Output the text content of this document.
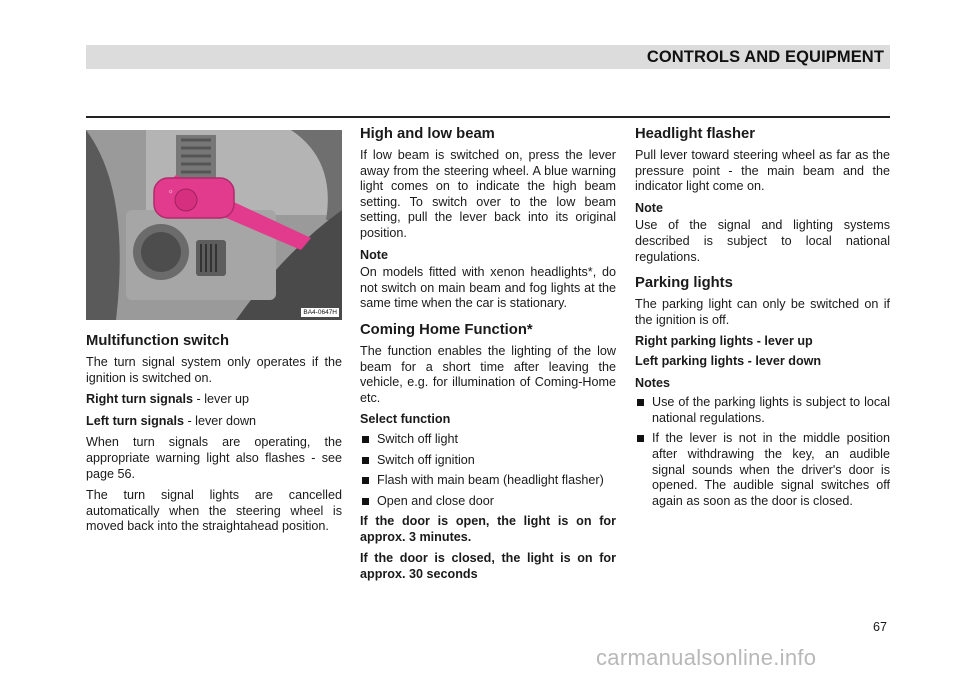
CONTROLS AND EQUIPMENT
☼
BA4-0647H
Multifunction switch

The turn signal system only operates if the ignition is switched on.

Right turn signals - lever up

Left turn signals - lever down

When turn signals are operating, the appropriate warning light also flashes - see page 56.

The turn signal lights are cancelled automatically when the steering wheel is moved back into the straightahead position.

High and low beam

If low beam is switched on, press the lever away from the steering wheel. A blue warning light comes on to indicate the high beam setting. To switch over to the low beam setting, pull the lever back into its original position.

Note

On models fitted with xenon headlights*, do not switch on main beam and fog lights at the same time when the car is stationary.

Coming Home Function*

The function enables the lighting of the low beam for a short time after leaving the vehicle, e.g. for illumination of Coming-Home etc.

Select function

Switch off light
Switch off ignition
Flash with main beam (headlight flasher)
Open and close door

If the door is open, the light is on for approx. 3 minutes.

If the door is closed, the light is on for approx. 30 seconds

Headlight flasher

Pull lever toward steering wheel as far as the pressure point - the main beam and the indicator light come on.

Note

Use of the signal and lighting systems described is subject to local national regulations.

Parking lights

The parking light can only be switched on if the ignition is off.

Right parking lights - lever up

Left parking lights - lever down

Notes

Use of the parking lights is subject to local national regulations.
If the lever is not in the middle position after withdrawing the key, an audible signal sounds when the driver's door is opened. The audible signal switches off again as soon as the door is closed.
67
carmanualsonline.info
